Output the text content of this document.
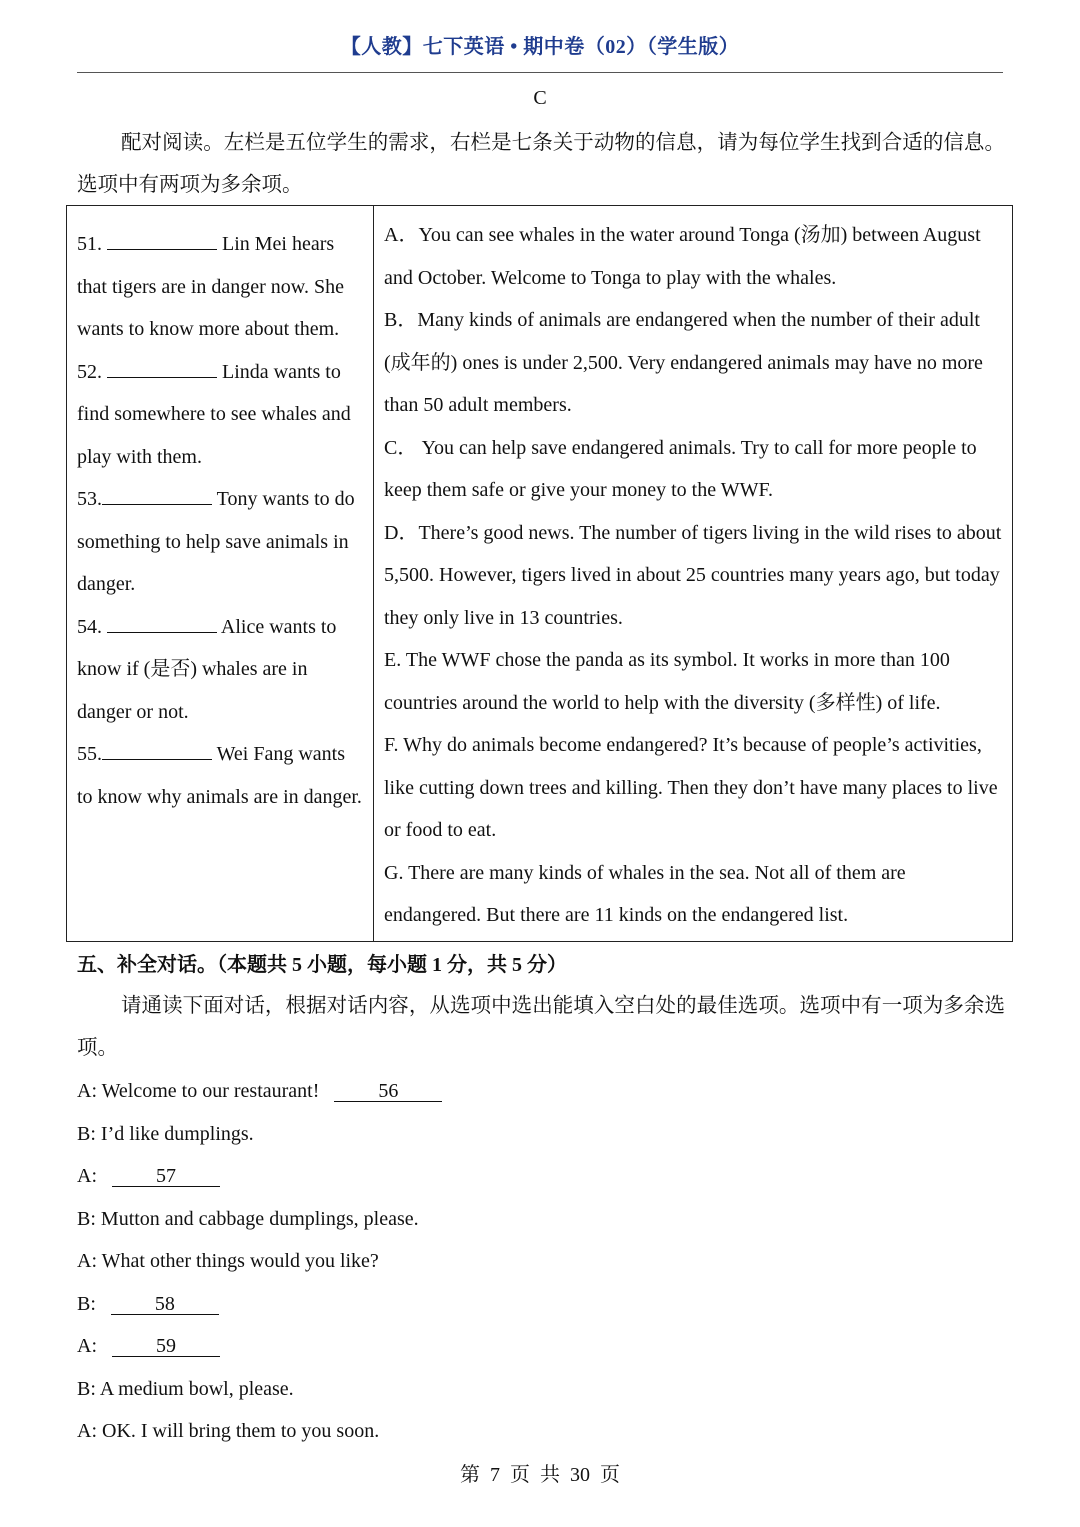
【人教】七下英语 • 期中卷（02）（学生版）
C
配对阅读。左栏是五位学生的需求，右栏是七条关于动物的信息，请为每位学生找到合适的信息。选项中有两项为多余项。

51.	Lin Mei hears that tigers are in danger now. She wants to know more about them.

52.	Linda wants to find somewhere to see whales and play with them.

53.	Tony wants to do something to help save animals in danger.

54.	Alice wants to know if (是否) whales are in danger or not.

55.	Wei Fang wants to know why animals are in danger.

A．You can see whales in the water around Tonga (汤加) between August and October. Welcome to Tonga to play with the whales.

B．Many kinds of animals are endangered when the number of their adult (成年的) ones is under 2,500. Very endangered animals may have no more than 50 adult members.

C． You can help save endangered animals. Try to call for more people to keep them safe or give your money to the WWF.

D．There’s good news. The number of tigers living in the wild rises to about 5,500. However, tigers lived in about 25 countries many years ago, but today they only live in 13 countries.

E. The WWF chose the panda as its symbol. It works in more than 100 countries around the world to help with the diversity (多样性) of life.

F. Why do animals become endangered? It’s because of people’s activities, like cutting down trees and killing. Then they don’t have many places to live or food to eat.

G. There are many kinds of whales in the sea. Not all of them are endangered. But there are 11 kinds on the endangered list.

五、补全对话。（本题共 5 小题，每小题 1 分，共 5 分）
请通读下面对话，根据对话内容，从选项中选出能填入空白处的最佳选项。选项中有一项为多余选项。

A: Welcome to our restaurant!	56

B: I’d like dumplings.

A:	57

B: Mutton and cabbage dumplings, please.

A: What other things would you like?

B:	58

A:	59

B: A medium bowl, please.

A: OK. I will bring them to you soon.

第  7  页  共  30  页
